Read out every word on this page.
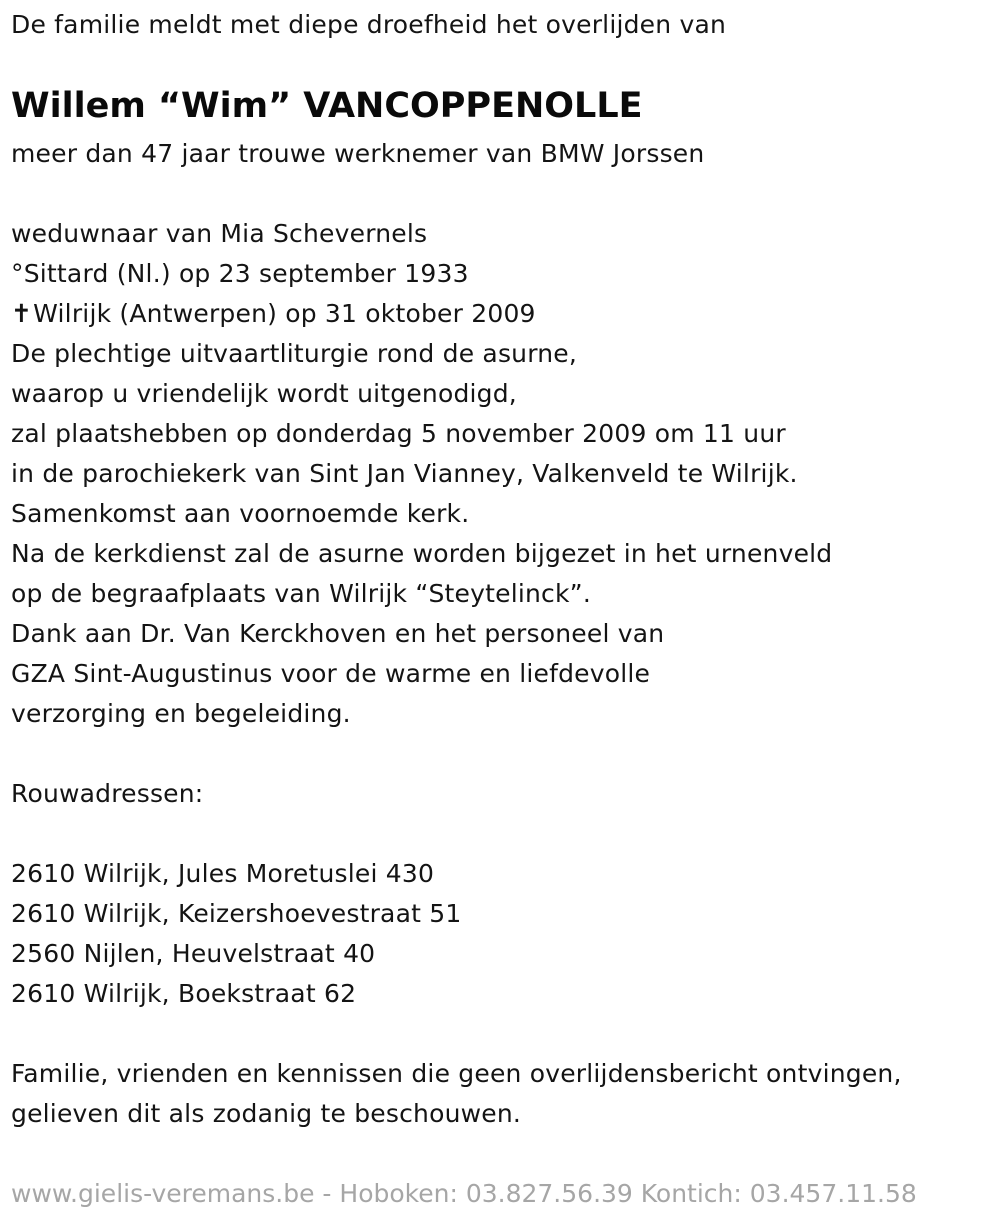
De familie meldt met diepe droefheid het overlijden van
Willem “Wim” VANCOPPENOLLE
meer dan 47 jaar trouwe werknemer van BMW Jorssen
weduwnaar van Mia Schevernels
°Sittard (Nl.) op 23 september 1933
✝Wilrijk (Antwerpen) op 31 oktober 2009
De plechtige uitvaartliturgie rond de asurne,
waarop u vriendelijk wordt uitgenodigd,
zal plaatshebben op donderdag 5 november 2009 om 11 uur
in de parochiekerk van Sint Jan Vianney, Valkenveld te Wilrijk.
Samenkomst aan voornoemde kerk.
Na de kerkdienst zal de asurne worden bijgezet in het urnenveld
op de begraafplaats van Wilrijk “Steytelinck”.
Dank aan Dr. Van Kerckhoven en het personeel van
GZA Sint-Augustinus voor de warme en liefdevolle
verzorging en begeleiding.
Rouwadressen:
2610 Wilrijk, Jules Moretuslei 430
2610 Wilrijk, Keizershoevestraat 51
2560 Nijlen, Heuvelstraat 40
2610 Wilrijk, Boekstraat 62
Familie, vrienden en kennissen die geen overlijdensbericht ontvingen,
gelieven dit als zodanig te beschouwen.
www.gielis-veremans.be - Hoboken: 03.827.56.39 Kontich: 03.457.11.58
